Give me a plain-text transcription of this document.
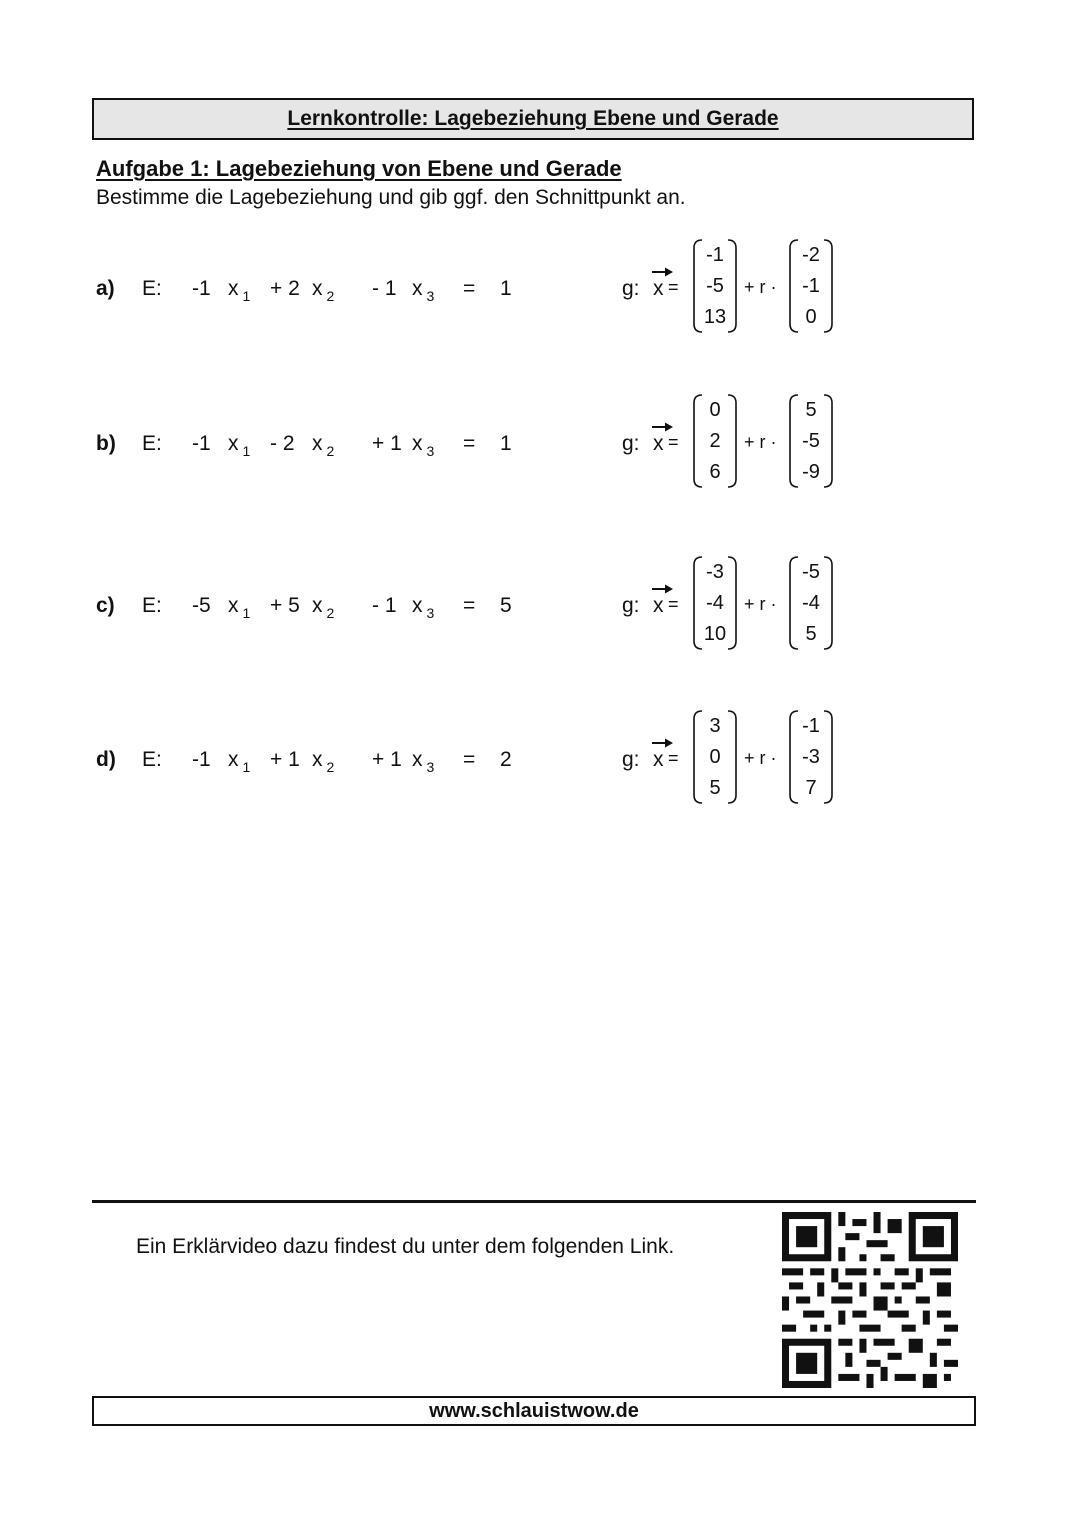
Lernkontrolle: Lagebeziehung Ebene und Gerade
Aufgabe 1: Lagebeziehung von Ebene und Gerade
Bestimme die Lagebeziehung und gib ggf. den Schnittpunkt an.
a) E: -1 x $_1$ + 2 x $_2$ - 1 x $_3$ = 1	g: x =
-1
-5
13
+ r ·
-2
-1
0
b) E: -1 x $_1$ - 2 x $_2$ + 1 x $_3$ = 1	g: x =
0
2
6
+ r ·
5
-5
-9
c) E: -5 x $_1$ + 5 x $_2$ - 1 x $_3$ = 5	g: x =
-3
-4
10
+ r ·
-5
-4
5
d) E: -1 x $_1$ + 1 x $_2$ + 1 x $_3$ = 2	g: x =
3
0
5
+ r ·
-1
-3
7
Ein Erklärvideo dazu findest du unter dem folgenden Link.
www.schlauistwow.de
